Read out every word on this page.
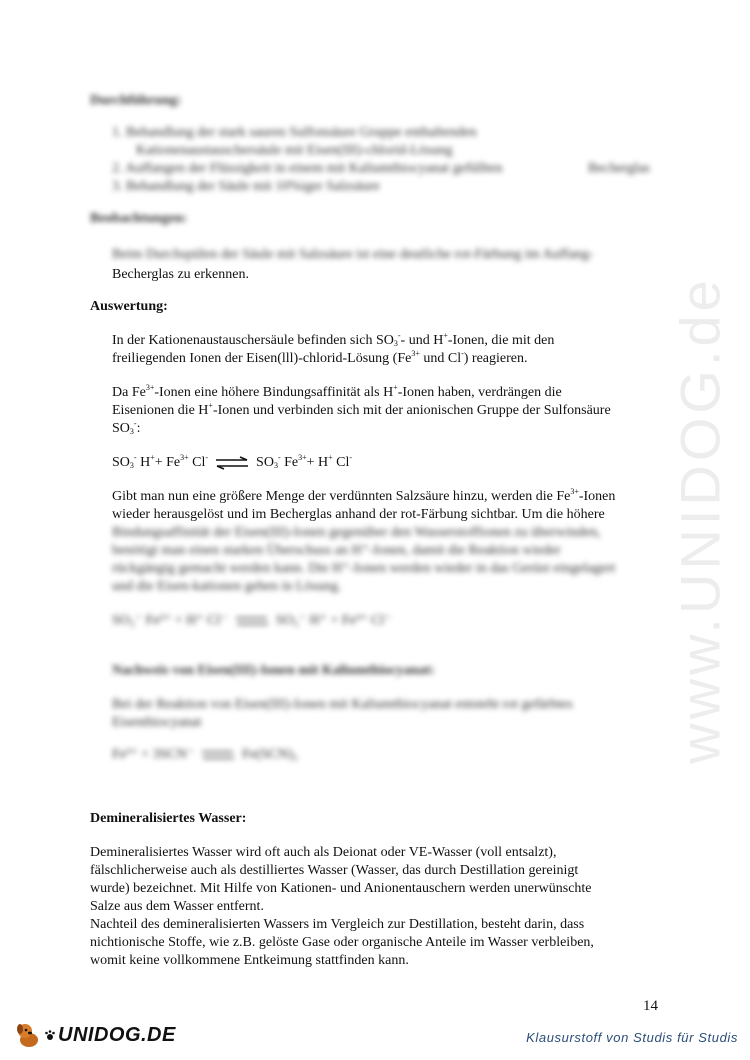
www.UNIDOG.de
Durchführung:

1. Behandlung der stark sauren Sulfonsäure Gruppe enthaltenden

Kationenaustauschersäule mit Eisen(III)-chlorid-Lösung

2. Auffangen der Flüssigkeit in einem mit Kaliumthiocyanat gefüllten	Becherglas

3. Behandlung der Säule mit 10%iger Salzsäure

Beobachtungen:

Beim Durchspülen der Säule mit Salzsäure ist eine deutliche rot-Färbung im Auffang-

Becherglas zu erkennen.

Auswertung:

In der Kationenaustauschersäule befinden sich $SO_3^--$ und H+-Ionen, die mit den

freiliegenden Ionen der Eisen(lll)-chlorid-Lösung ($Fe^{3+}$ und Cl-) reagieren.

Da $Fe^{3+}$-Ionen eine höhere Bindungsaffinität als H+-Ionen haben, verdrängen die

Eisenionen die H+-Ionen und verbinden sich mit der anionischen Gruppe der Sulfonsäure

$SO_3^-$:

$SO_3^-$ $H^++ Fe^{3+}$ Cl- ⇌ $SO_3^-$ $Fe^{3+}+ H^+$ Cl-

Gibt man nun eine größere Menge der verdünnten Salzsäure hinzu, werden die $Fe^{3+}$-Ionen

wieder herausgelöst und im Becherglas anhand der rot-Färbung sichtbar. Um die höhere

Bindungsaffinität der Eisen(III)-Ionen gegenüber den Wasserstoffionen zu überwinden,

benötigt man einen starken Überschuss an H⁺-Ionen, damit die Reaktion wieder

rückgängig gemacht werden kann. Die H⁺-Ionen werden wieder in das Gerüst eingelagert

und die Eisen-kationen gehen in Lösung.

SO₃⁻ Fe³⁺ + H⁺ Cl⁻	SO₃⁻ H⁺ + Fe³⁺ Cl⁻
Nachweis von Eisen(III)-Ionen mit Kaliumthiocyanat:

Bei der Reaktion von Eisen(III)-Ionen mit Kaliumthiocyanat entsteht rot gefärbtes

Eisenthiocyanat

Fe³⁺ + 3SCN⁻	Fe(SCN)₃
Demineralisiertes Wasser:

Demineralisiertes Wasser wird oft auch als Deionat oder VE-Wasser (voll entsalzt),

fälschlicherweise auch als destilliertes Wasser (Wasser, das durch Destillation gereinigt

wurde) bezeichnet. Mit Hilfe von Kationen- und Anionentauschern werden unerwünschte

Salze aus dem Wasser entfernt.

Nachteil des demineralisierten Wassers im Vergleich zur Destillation, besteht darin, dass

nichtionische Stoffe, wie z.B. gelöste Gase oder organische Anteile im Wasser verbleiben,

womit keine vollkommene Entkeimung stattfinden kann.

14
UNIDOG.DE	Klausurstoff von Studis für Studis
